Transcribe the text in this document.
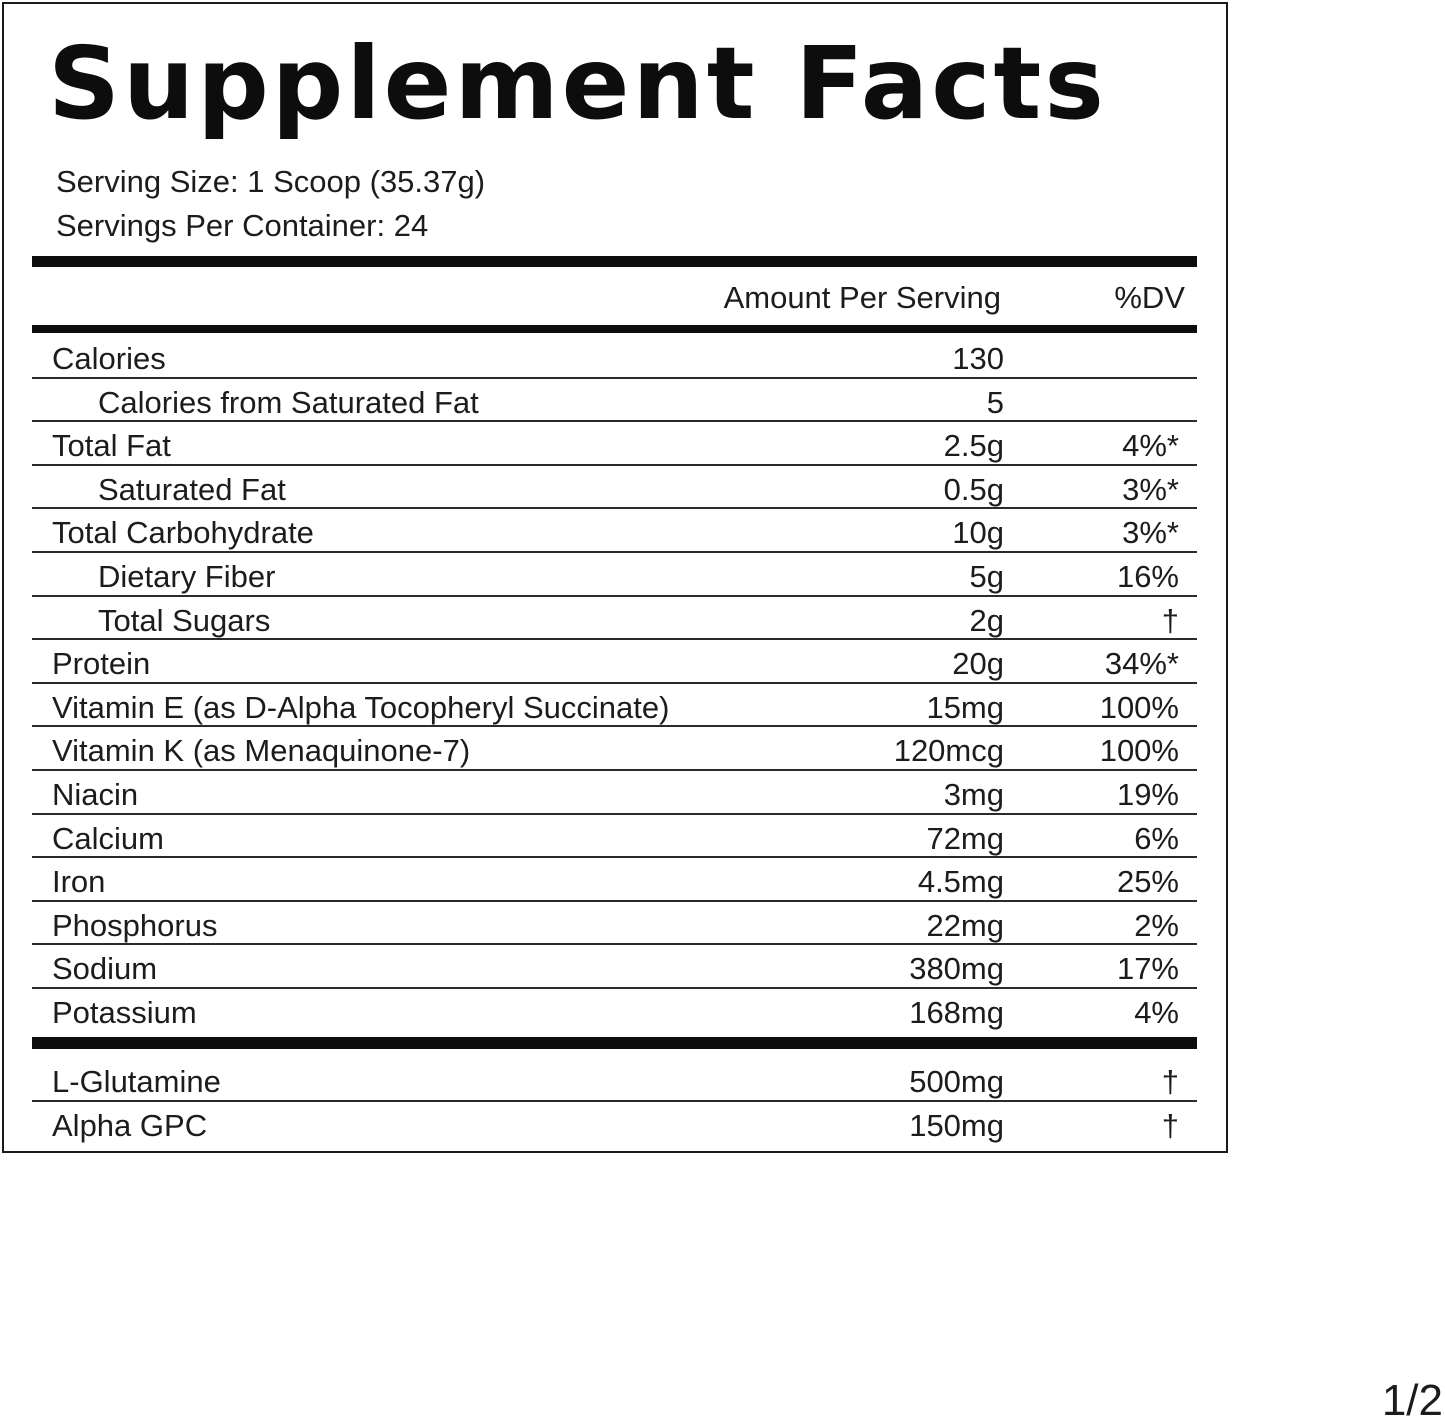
Supplement Facts
Serving Size: 1 Scoop (35.37g)
Servings Per Container: 24
Amount Per Serving	%DV
Calories	130
Calories from Saturated Fat	5
Total Fat	2.5g	4%*
Saturated Fat	0.5g	3%*
Total Carbohydrate	10g	3%*
Dietary Fiber	5g	16%
Total Sugars	2g	†
Protein	20g	34%*
Vitamin E (as D-Alpha Tocopheryl Succinate)	15mg	100%
Vitamin K (as Menaquinone-7)	120mcg	100%
Niacin	3mg	19%
Calcium	72mg	6%
Iron	4.5mg	25%
Phosphorus	22mg	2%
Sodium	380mg	17%
Potassium	168mg	4%
L-Glutamine	500mg	†
Alpha GPC	150mg	†
1/2
